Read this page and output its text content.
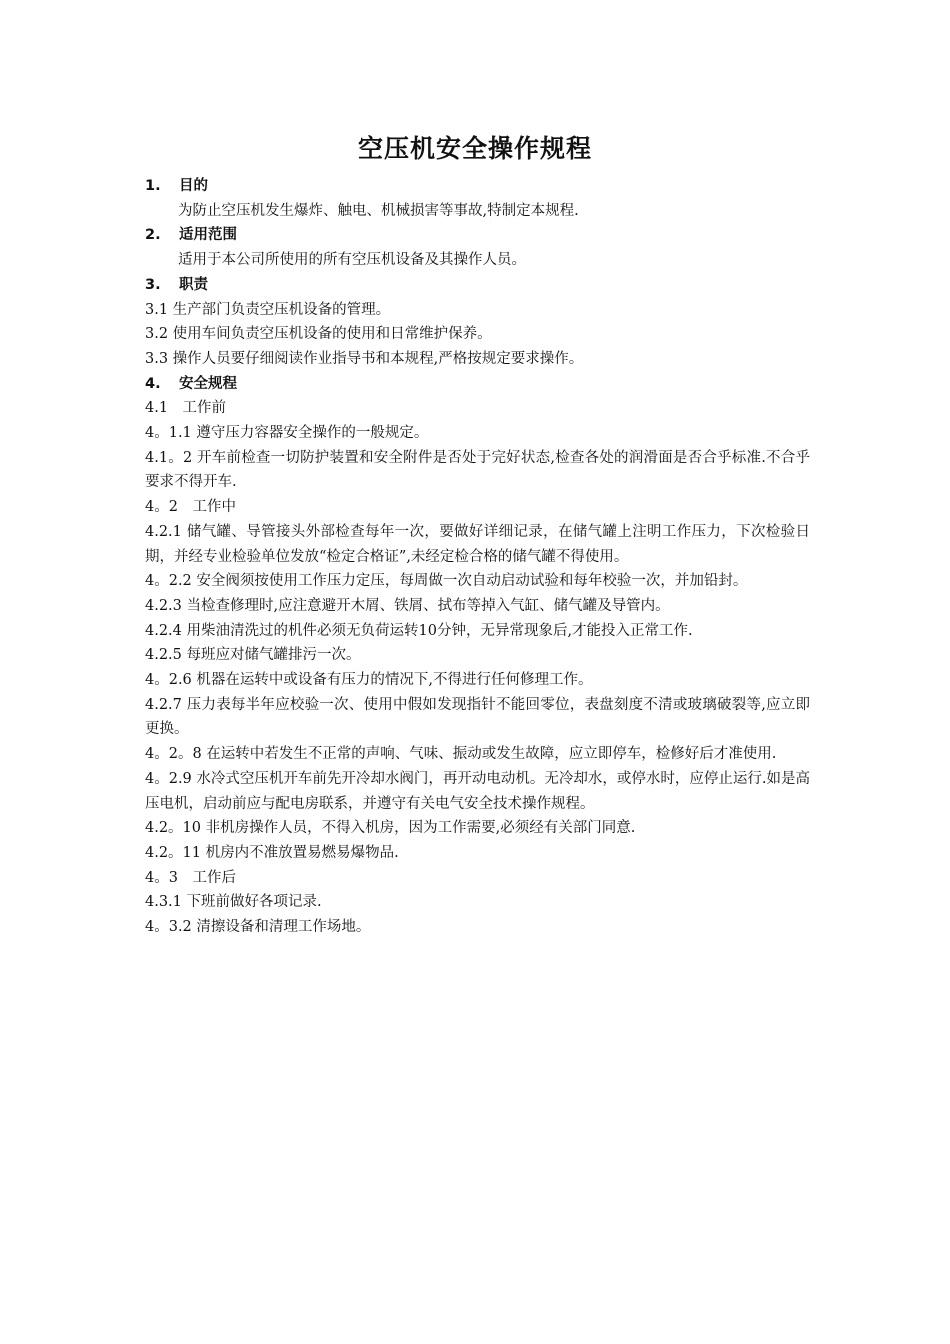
空压机安全操作规程
1. 目的
为防止空压机发生爆炸、触电、机械损害等事故,特制定本规程.
2. 适用范围
适用于本公司所使用的所有空压机设备及其操作人员。
3. 职责
3.1 生产部门负责空压机设备的管理。
3.2 使用车间负责空压机设备的使用和日常维护保养。
3.3 操作人员要仔细阅读作业指导书和本规程,严格按规定要求操作。
4. 安全规程
4.1　工作前
4。1.1 遵守压力容器安全操作的一般规定。
4.1。2 开车前检查一切防护装置和安全附件是否处于完好状态,检查各处的润滑面是否合乎标准.不合乎要求不得开车.
4。2　工作中
4.2.1 储气罐、导管接头外部检查每年一次，要做好详细记录，在储气罐上注明工作压力，下次检验日期，并经专业检验单位发放“检定合格证”,未经定检合格的储气罐不得使用。
4。2.2 安全阀须按使用工作压力定压，每周做一次自动启动试验和每年校验一次，并加铅封。
4.2.3 当检查修理时,应注意避开木屑、铁屑、拭布等掉入气缸、储气罐及导管内。
4.2.4 用柴油清洗过的机件必须无负荷运转10分钟，无异常现象后,才能投入正常工作.
4.2.5 每班应对储气罐排污一次。
4。2.6 机器在运转中或设备有压力的情况下,不得进行任何修理工作。
4.2.7 压力表每半年应校验一次、使用中假如发现指针不能回零位，表盘刻度不清或玻璃破裂等,应立即更换。
4。2。8 在运转中若发生不正常的声响、气味、振动或发生故障，应立即停车，检修好后才准使用.
4。2.9 水冷式空压机开车前先开冷却水阀门，再开动电动机。无冷却水，或停水时，应停止运行.如是高压电机，启动前应与配电房联系，并遵守有关电气安全技术操作规程。
4.2。10 非机房操作人员，不得入机房，因为工作需要,必须经有关部门同意.
4.2。11 机房内不准放置易燃易爆物品.
4。3　工作后
4.3.1 下班前做好各项记录.
4。3.2 清擦设备和清理工作场地。
